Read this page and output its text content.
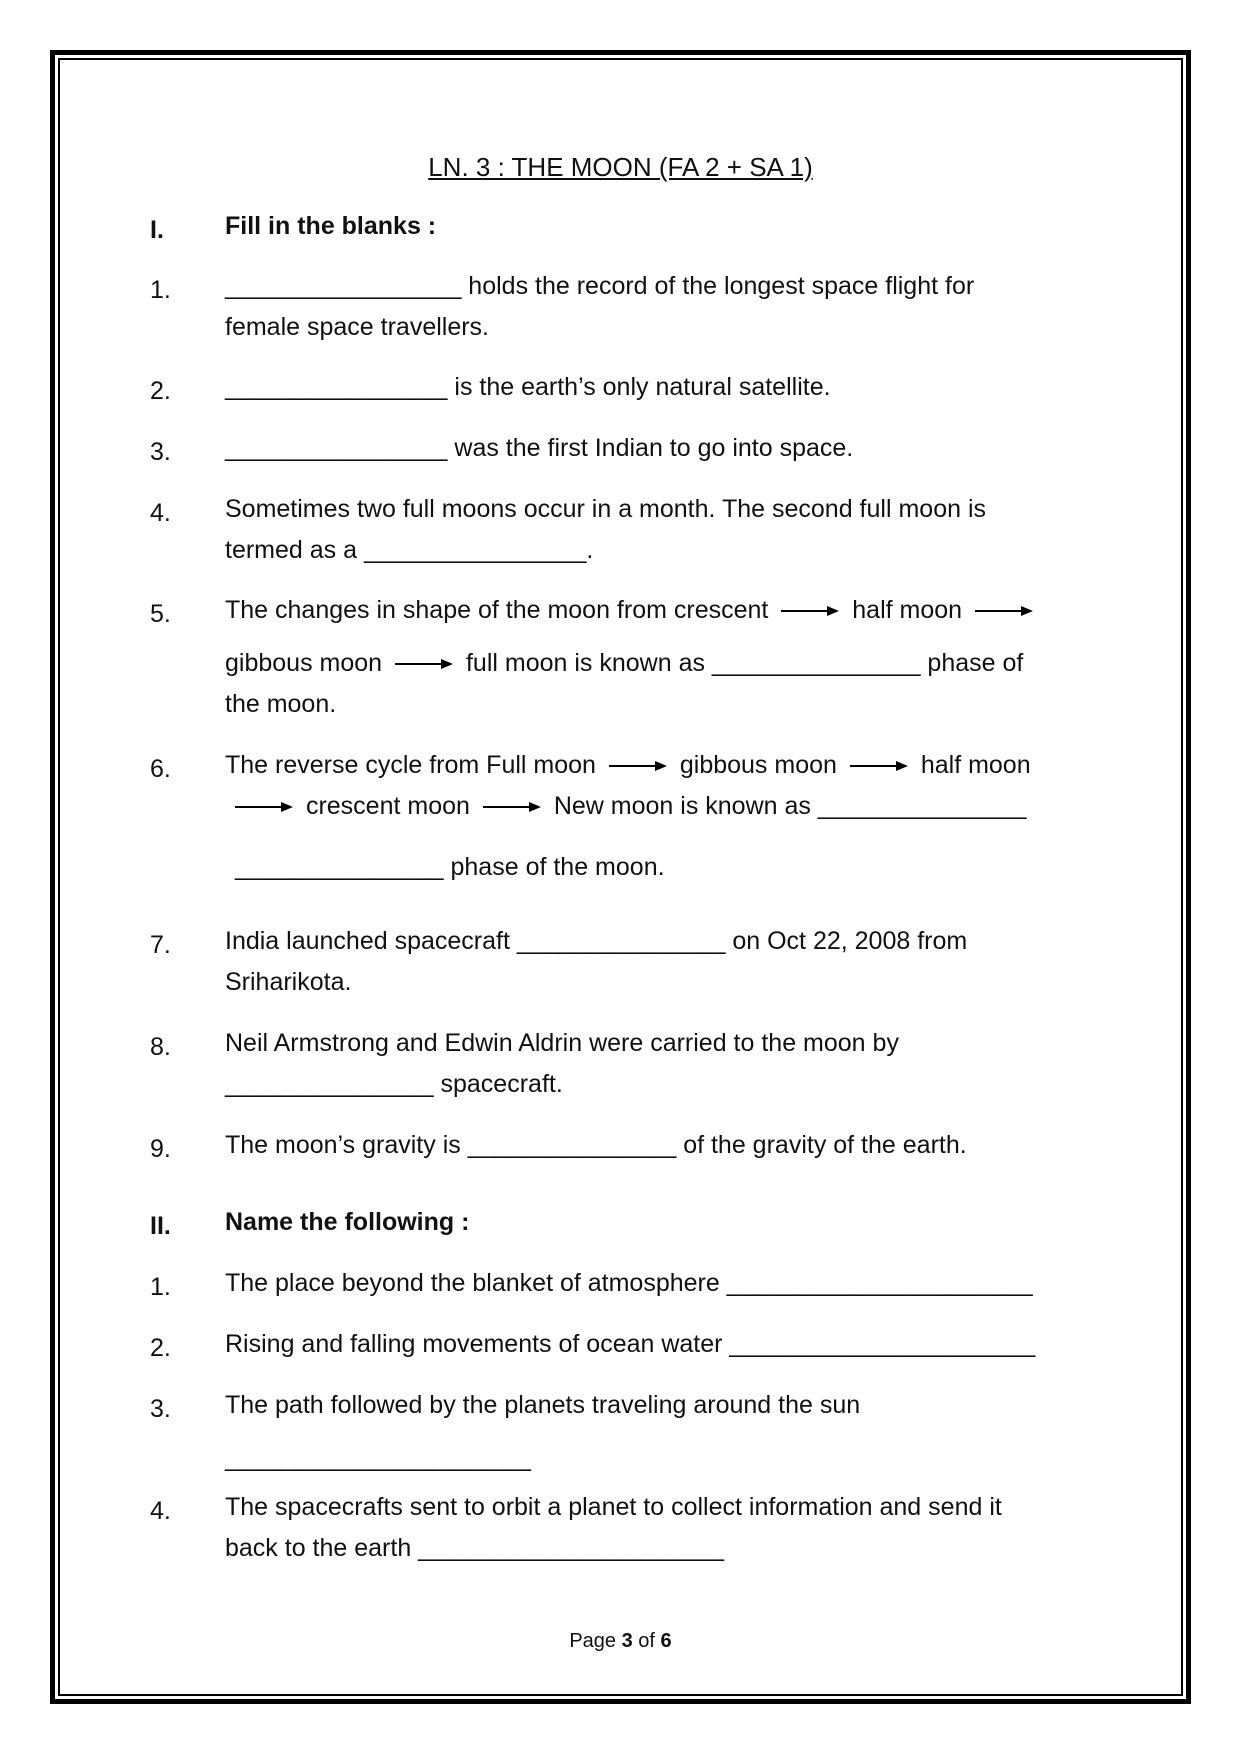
LN. 3 : THE MOON (FA 2 + SA 1)
I. Fill in the blanks :
1. _________________ holds the record of the longest space flight for
female space travellers.
2. ________________ is the earth’s only natural satellite.
3. ________________ was the first Indian to go into space.
4. Sometimes two full moons occur in a month. The second full moon is
termed as a ________________.
5. The changes in shape of the moon from crescent	half moon
gibbous moon	full moon is known as _______________ phase of
the moon.
6. The reverse cycle from Full moon	gibbous moon	half moon
crescent moon	New moon is known as _______________
_______________ phase of the moon.
7. India launched spacecraft _______________ on Oct 22, 2008 from
Sriharikota.
8. Neil Armstrong and Edwin Aldrin were carried to the moon by
_______________ spacecraft.
9. The moon’s gravity is _______________ of the gravity of the earth.
II. Name the following :
1. The place beyond the blanket of atmosphere ______________________
2. Rising and falling movements of ocean water ______________________
3. The path followed by the planets traveling around the sun
______________________
4. The spacecrafts sent to orbit a planet to collect information and send it
back to the earth ______________________
Page 3 of 6
